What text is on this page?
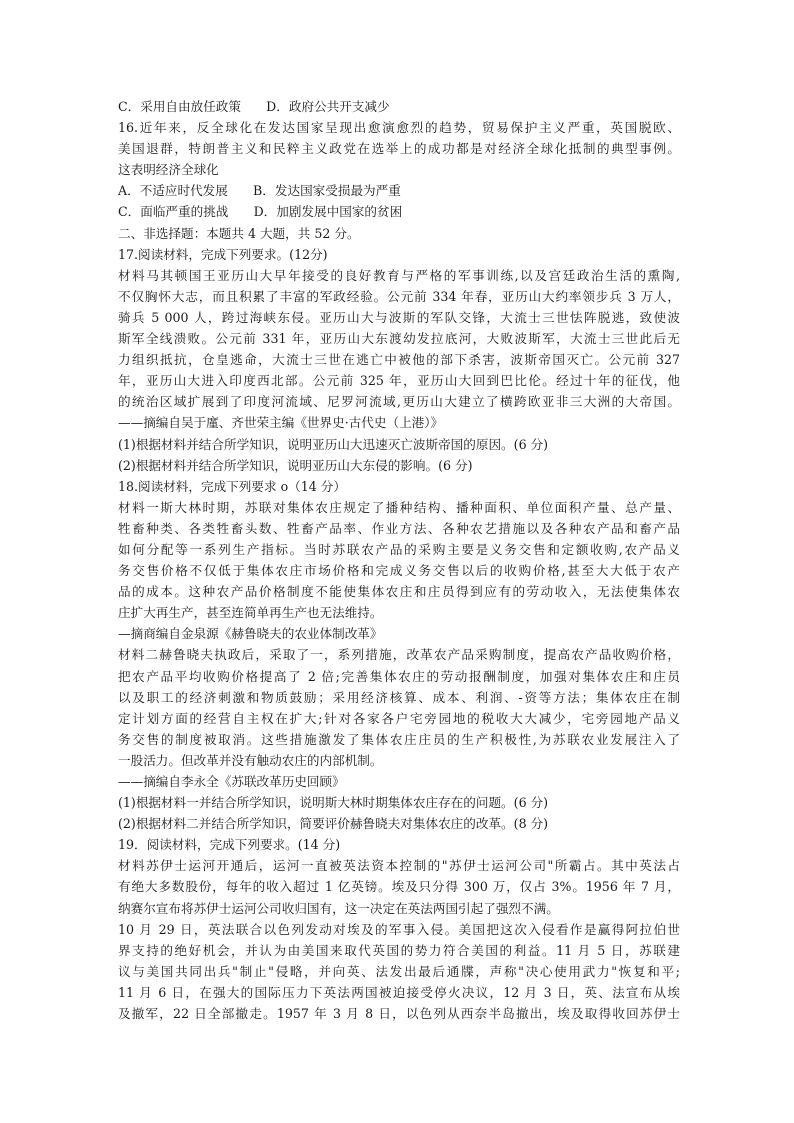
C．采用自由放任政策　　D．政府公共开支减少
16.近年来，反全球化在发达国家呈现出愈演愈烈的趋势，贸易保护主义严重，英国脱欧、
美国退群，特朗普主义和民粹主义政党在选举上的成功都是对经济全球化抵制的典型事例。
这表明经济全球化
A．不适应时代发展　　B．发达国家受损最为严重
C．面临严重的挑战　　D．加剧发展中国家的贫困
二、非选择题：本题共 4 大题，共 52 分。
17.阅读材料，完成下列要求。(12分)
材料马其顿国王亚历山大早年接受的良好教育与严格的军事训练,以及宫廷政治生活的熏陶,
不仅胸怀大志，而且积累了丰富的军政经验。公元前 334 年春，亚历山大约率领步兵 3 万人，
骑兵 5 000 人，跨过海峡东侵。亚历山大与波斯的军队交锋，大流士三世怯阵脱逃，致使波
斯军全线溃败。公元前 331 年，亚历山大东渡幼发拉底河，大败波斯军，大流士三世此后无
力组织抵抗，仓皇逃命，大流士三世在逃亡中被他的部下杀害，波斯帝国灭亡。公元前 327
年，亚历山大进入印度西北部。公元前 325 年，亚历山大回到巴比伦。经过十年的征伐，他
的统治区域扩展到了印度河流域、尼罗河流域,更历山大建立了横跨欧亚非三大洲的大帝国。
——摘编自吴于廑、齐世荣主编《世界史·古代史（上港）》
(1)根据材料并结合所学知识，说明亚历山大迅速灭亡波斯帝国的原因。(6 分)
(2)根据材料并结合所学知识，说明亚历山大东侵的影响。(6 分)
18.阅读材料，完成下列要求 o（14 分）
材料一斯大林时期，苏联对集体农庄规定了播种结构、播种面积、单位面积产量、总产量、
牲畜种类、各类牲畜头数、牲畜产品率、作业方法、各种农艺措施以及各种农产品和畜产品
如何分配等一系列生产指标。当时苏联农产品的采购主要是义务交售和定额收购,农产品义
务交售价格不仅低于集体农庄市场价格和完成义务交售以后的收购价格,甚至大大低于农产
品的成本。这种农产品价格制度不能使集体农庄和庄员得到应有的劳动收入，无法使集体农
庄扩大再生产，甚至连简单再生产也无法维持。
—摘商编自金泉源《赫鲁晓夫的农业体制改革》
材料二赫鲁晓夫执政后，采取了一，系列措施，改革农产品采购制度，提高农产品收购价格，
把农产品平均收购价格提高了 2 倍;完善集体农庄的劳动报酬制度，加强对集体农庄和庄员
以及职工的经济刺激和物质鼓励；采用经济核算、成本、利润、-资等方法；集体农庄在制
定计划方面的经营自主权在扩大;针对各家各户宅旁园地的税收大大减少，宅旁园地产品义
务交售的制度被取消。这些措施激发了集体农庄庄员的生产积极性,为苏联农业发展注入了
一股活力。但改革并没有触动农庄的内部机制。
——摘编自李永全《苏联改革历史回顾》
(1)根据材料一并结合所学知识，说明斯大林时期集体农庄存在的问题。(6 分)
(2)根据材料二并结合所学知识，简要评价赫鲁晓夫对集体农庄的改革。(8 分)
19．阅读材料，完成下列要求。(14 分)
材料苏伊士运河开通后，运河一直被英法资本控制的"苏伊士运河公司"所霸占。其中英法占
有绝大多数股份，每年的收入超过 1 亿英镑。埃及只分得 300 万，仅占 3%。1956 年 7 月，
纳赛尔宣布将苏伊士运河公司收归国有，这一决定在英法两国引起了强烈不满。
10 月 29 日，英法联合以色列发动对埃及的军事入侵。美国把这次入侵看作是赢得阿拉伯世
界支持的绝好机会，并认为由美国来取代英国的势力符合美国的利益。11 月 5 日，苏联建
议与美国共同出兵"制止"侵略，并向英、法发出最后通牒，声称"决心使用武力"恢复和平;
11 月 6 日，在强大的国际压力下英法两国被迫接受停火决议，12 月 3 日，英、法宣布从埃
及撤军，22 日全部撤走。1957 年 3 月 8 日，以色列从西奈半岛撤出，埃及取得收回苏伊士
